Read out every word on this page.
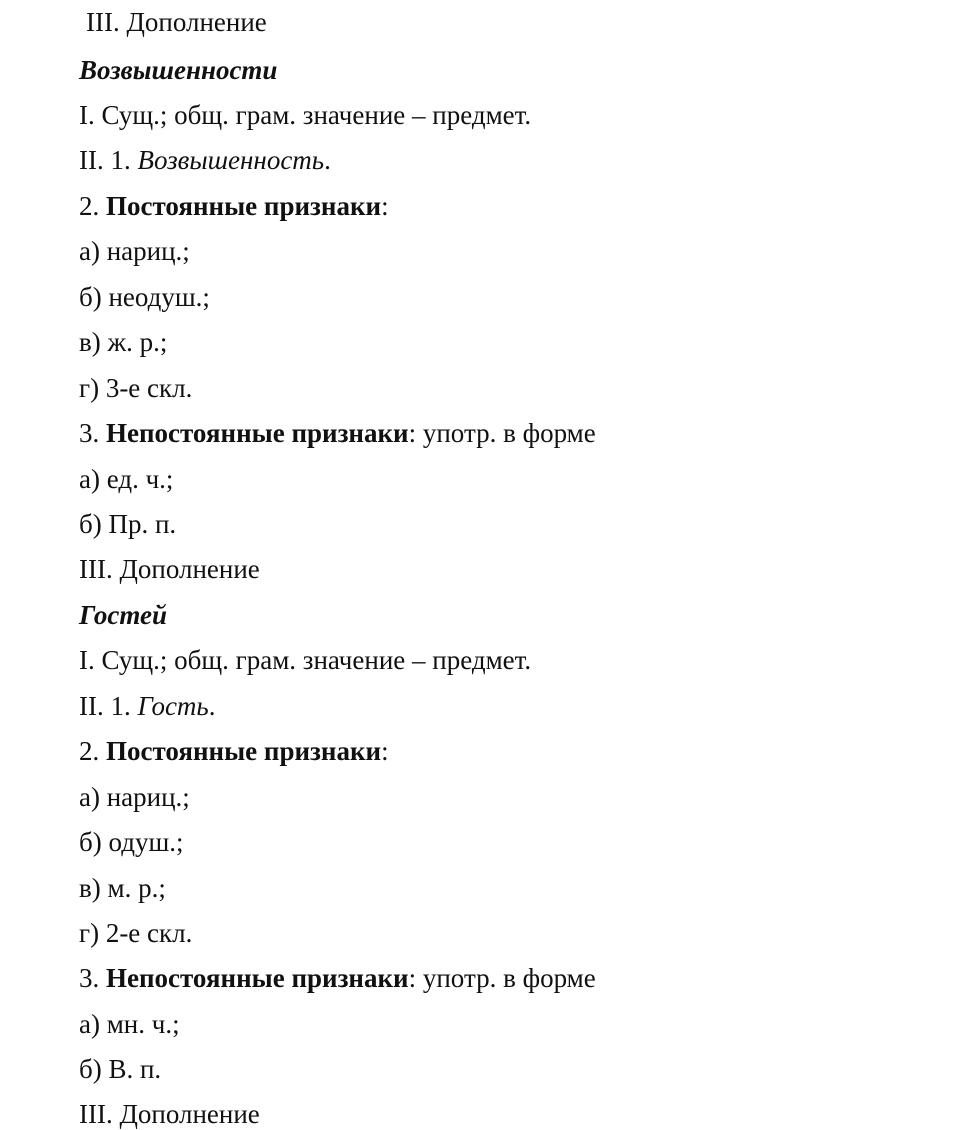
III. Дополнение
Возвышенности
I. Сущ.; общ. грам. значение – предмет.
II. 1. Возвышенность.
2. Постоянные признаки:
а) нариц.;
б) неодуш.;
в) ж. р.;
г) 3-е скл.
3. Непостоянные признаки: употр. в форме
а) ед. ч.;
б) Пр. п.
III. Дополнение
Гостей
I. Сущ.; общ. грам. значение – предмет.
II. 1. Гость.
2. Постоянные признаки:
а) нариц.;
б) одуш.;
в) м. р.;
г) 2-е скл.
3. Непостоянные признаки: употр. в форме
а) мн. ч.;
б) В. п.
III. Дополнение
